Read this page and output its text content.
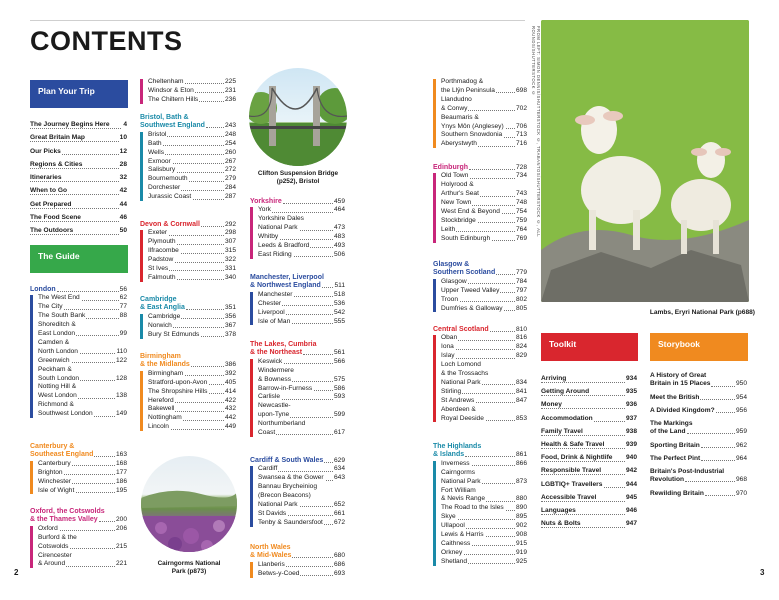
CONTENTS
Plan Your Trip
The Journey Begins Here 4
Great Britain Map	10
Our Picks	12
Regions & Cities	28
Itineraries	32
When to Go	42
Get Prepared	44
The Food Scene	46
The Outdoors	50
The Guide
London	56
The West End	62
The City	77
The South Bank	88
Shoreditch &
East London	99
Camden &
North London	110
Greenwich	122
Peckham &
South London	128
Notting Hill &
West London	138
Richmond &
Southwest London	149
Canterbury &
Southeast England	163
Canterbury	168
Brighton	177
Winchester	186
Isle of Wight	195
Oxford, the Cotswolds
& the Thames Valley	200
Oxford	206
Burford & the
Cotswolds	215
Cirencester
& Around	221
Cheltenham	225
Windsor & Eton	231
The Chiltern Hills	236
Bristol, Bath &
Southwest England	243
Bristol	248
Bath	254
Wells	260
Exmoor	267
Salisbury	272
Bournemouth	279
Dorchester	284
Jurassic Coast	287
Devon & Cornwall	292
Exeter	298
Plymouth	307
Ilfracombe	315
Padstow	322
St Ives	331
Falmouth	340
Cambridge
& East Anglia	351
Cambridge	356
Norwich	367
Bury St Edmunds	378
Birmingham
& the Midlands	386
Birmingham	392
Stratford-upon-Avon	405
The Shropshire Hills	414
Hereford	422
Bakewell	432
Nottingham	442
Lincoln	449
Clifton Suspension Bridge
(p252), Bristol
Cairngorms National
Park (p873)
Yorkshire	459
York	464
Yorkshire Dales
National Park	473
Whitby	483
Leeds & Bradford	493
East Riding	506
Manchester, Liverpool
& Northwest England 511
Manchester	518
Chester	536
Liverpool	542
Isle of Man	555
The Lakes, Cumbria
& the Northeast	561
Keswick	566
Windermere
& Bowness	575
Barrow-in-Furness	586
Carlisle	593
Newcastle-
upon-Tyne	599
Northumberland
Coast	617
Cardiff & South Wales 629
Cardiff	634
Swansea & the Gower 643
Bannau Brycheiniog
(Brecon Beacons)
National Park	652
St Davids	661
Tenby & Saundersfoot 672
North Wales
& Mid-Wales	680
Llanberis	686
Betws-y-Coed	693
Porthmadog &
the Llŷn Peninsula	698
Llandudno
& Conwy	702
Beaumaris &
Ynys Môn (Anglesey) 706
Southern Snowdonia 713
Aberystwyth	716
Edinburgh	728
Old Town	734
Holyrood &
Arthur's Seat	743
New Town	748
West End & Beyond 754
Stockbridge	759
Leith	764
South Edinburgh	769
Glasgow &
Southern Scotland	779
Glasgow	784
Upper Tweed Valley	797
Troon	802
Dumfries & Galloway 805
Central Scotland	810
Oban	816
Iona	824
Islay	829
Loch Lomond
& the Trossachs
National Park	834
Stirling	841
St Andrews	847
Aberdeen &
Royal Deeside	853
The Highlands
& Islands	861
Inverness	866
Cairngorms
National Park	873
Fort William
& Nevis Range	880
The Road to the Isles 890
Skye	895
Ullapool	902
Lewis & Harris	908
Caithness	915
Orkney	919
Shetland	925
FROM LEFT: SIMON DENNIS/SHUTTERSTOCK ©, TRABANTOS/SHUTTERSTOCK ©, ALL ROUNDS/SHUTTERSTOCK ©
Lambs, Eryri National Park (p688)
Toolkit
Arriving	934
Getting Around	935
Money	936
Accommodation	937
Family Travel	938
Health & Safe Travel	939
Food, Drink & Nightlife 940
Responsible Travel	942
LGBTIQ+ Travellers	944
Accessible Travel	945
Languages	946
Nuts & Bolts	947
Storybook
A History of Great
Britain in 15 Places	950
Meet the British	954
A Divided Kingdom?	956
The Markings
of the Land	959
Sporting Britain	962
The Perfect Pint	964
Britain's Post-Industrial
Revolution	968
Rewilding Britain	970
2	3
